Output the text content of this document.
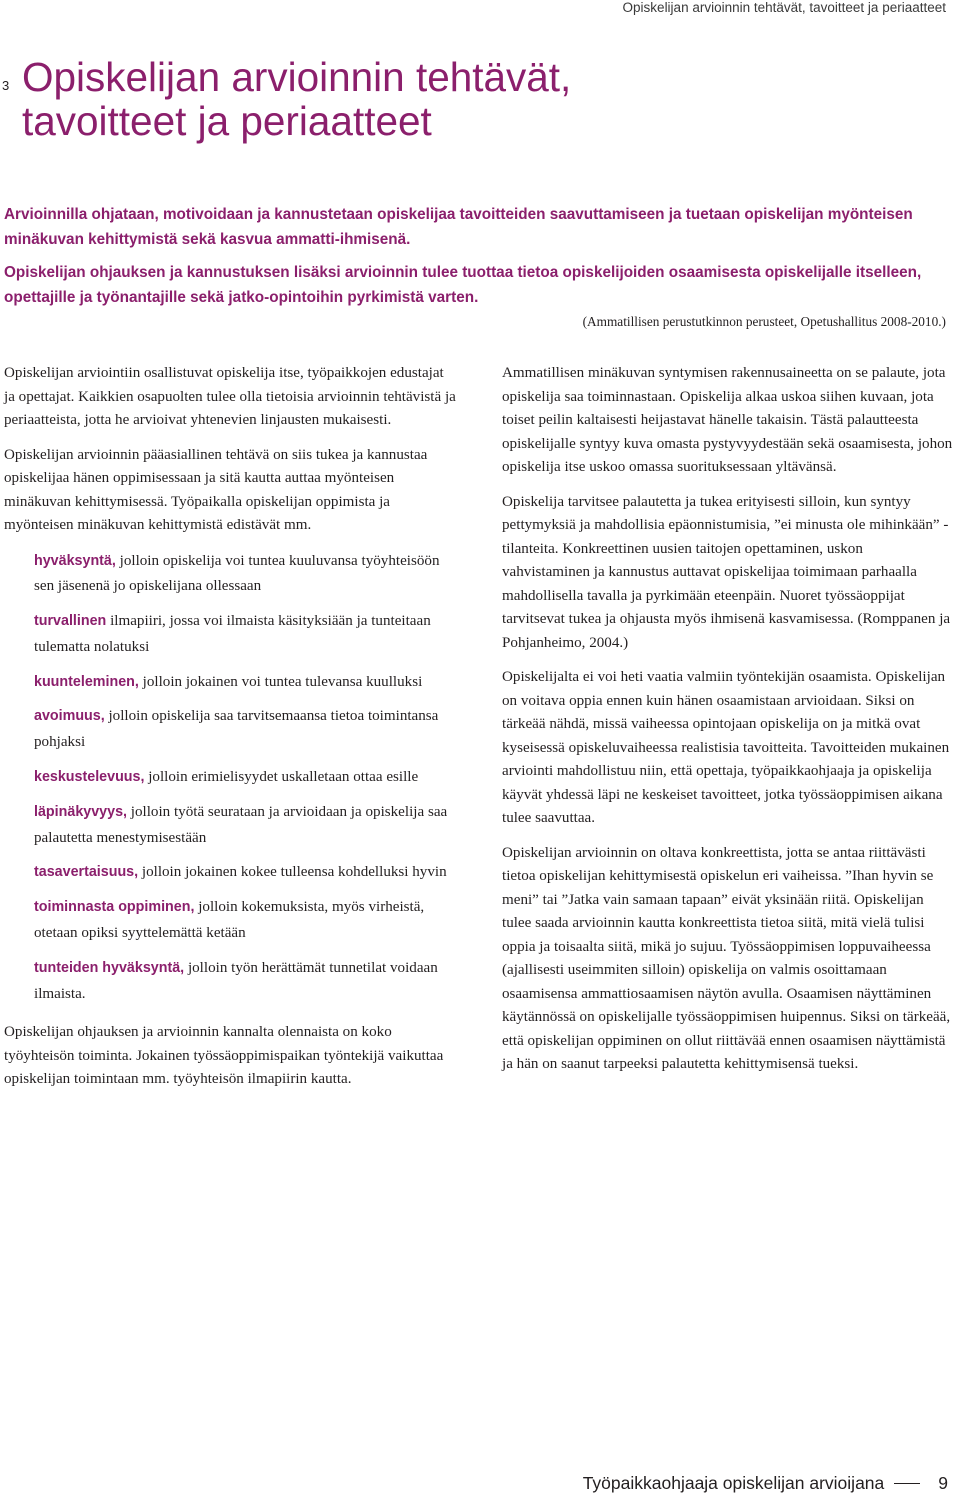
Opiskelijan arvioinnin tehtävät, tavoitteet ja periaatteet
3 Opiskelijan arvioinnin tehtävät,
tavoitteet ja periaatteet

Arvioinnilla ohjataan, motivoidaan ja kannustetaan opiskelijaa tavoitteiden saavuttamiseen ja tuetaan opiskelijan myönteisen minäkuvan kehittymistä sekä kasvua ammatti-ihmisenä.

Opiskelijan ohjauksen ja kannustuksen lisäksi arvioinnin tulee tuottaa tietoa opiskelijoiden osaamisesta opiskelijalle itselleen, opettajille ja työnantajille sekä jatko-opintoihin pyrkimistä varten.

(Ammatillisen perustutkinnon perusteet, Opetushallitus 2008-2010.)

Opiskelijan arviointiin osallistuvat opiskelija itse, työpaikkojen edustajat ja opettajat. Kaikkien osapuolten tulee olla tietoisia arvioinnin tehtävistä ja periaatteista, jotta he arvioivat yhtenevien linjausten mukaisesti.

Opiskelijan arvioinnin pääasiallinen tehtävä on siis tukea ja kannustaa opiskelijaa hänen oppimisessaan ja sitä kautta auttaa myönteisen minäkuvan kehittymisessä. Työpaikalla opiskelijan oppimista ja myönteisen minäkuvan kehittymistä edistävät mm.

hyväksyntä, jolloin opiskelija voi tuntea kuuluvansa työyhteisöön sen jäsenenä jo opiskelijana ollessaan
turvallinen ilmapiiri, jossa voi ilmaista käsityksiään ja tunteitaan tulematta nolatuksi
kuunteleminen, jolloin jokainen voi tuntea tulevansa kuulluksi
avoimuus, jolloin opiskelija saa tarvitsemaansa tietoa toimintansa pohjaksi
keskustelevuus, jolloin erimielisyydet uskalletaan ottaa esille
läpinäkyvyys, jolloin työtä seurataan ja arvioidaan ja opiskelija saa palautetta menestymisestään
tasavertaisuus, jolloin jokainen kokee tulleensa kohdelluksi hyvin
toiminnasta oppiminen, jolloin kokemuksista, myös virheistä, otetaan opiksi syyttelemättä ketään
tunteiden hyväksyntä, jolloin työn herättämät tunnetilat voidaan ilmaista.

Opiskelijan ohjauksen ja arvioinnin kannalta olennaista on koko työyhteisön toiminta. Jokainen työssäoppimispaikan työntekijä vaikuttaa opiskelijan toimintaan mm. työyhteisön ilmapiirin kautta.

Ammatillisen minäkuvan syntymisen rakennusaineetta on se palaute, jota opiskelija saa toiminnastaan. Opiskelija alkaa uskoa siihen kuvaan, jota toiset peilin kaltaisesti heijastavat hänelle takaisin. Tästä palautteesta opiskelijalle syntyy kuva omasta pystyvyydestään sekä osaamisesta, johon opiskelija itse uskoo omassa suorituksessaan yltävänsä.

Opiskelija tarvitsee palautetta ja tukea erityisesti silloin, kun syntyy pettymyksiä ja mahdollisia epäonnistumisia, ”ei minusta ole mihinkään” -tilanteita. Konkreettinen uusien taitojen opettaminen, uskon vahvistaminen ja kannustus auttavat opiskelijaa toimimaan parhaalla mahdollisella tavalla ja pyrkimään eteenpäin. Nuoret työssäoppijat tarvitsevat tukea ja ohjausta myös ihmisenä kasvamisessa. (Romppanen ja Pohjanheimo, 2004.)

Opiskelijalta ei voi heti vaatia valmiin työntekijän osaamista. Opiskelijan on voitava oppia ennen kuin hänen osaamistaan arvioidaan. Siksi on tärkeää nähdä, missä vaiheessa opintojaan opiskelija on ja mitkä ovat kyseisessä opiskeluvaiheessa realistisia tavoitteita. Tavoitteiden mukainen arviointi mahdollistuu niin, että opettaja, työpaikkaohjaaja ja opiskelija käyvät yhdessä läpi ne keskeiset tavoitteet, jotka työssäoppimisen aikana tulee saavuttaa.

Opiskelijan arvioinnin on oltava konkreettista, jotta se antaa riittävästi tietoa opiskelijan kehittymisestä opiskelun eri vaiheissa. ”Ihan hyvin se meni” tai ”Jatka vain samaan tapaan” eivät yksinään riitä. Opiskelijan tulee saada arvioinnin kautta konkreettista tietoa siitä, mitä vielä tulisi oppia ja toisaalta siitä, mikä jo sujuu. Työssäoppimisen loppuvaiheessa (ajallisesti useimmiten silloin) opiskelija on valmis osoittamaan osaamisensa ammattiosaamisen näytön avulla. Osaamisen näyttäminen käytännössä on opiskelijalle työssäoppimisen huipennus. Siksi on tärkeää, että opiskelijan oppiminen on ollut riittävää ennen osaamisen näyttämistä ja hän on saanut tarpeeksi palautetta kehittymisensä tueksi.

Työpaikkaohjaaja opiskelijan arvioijana	9
